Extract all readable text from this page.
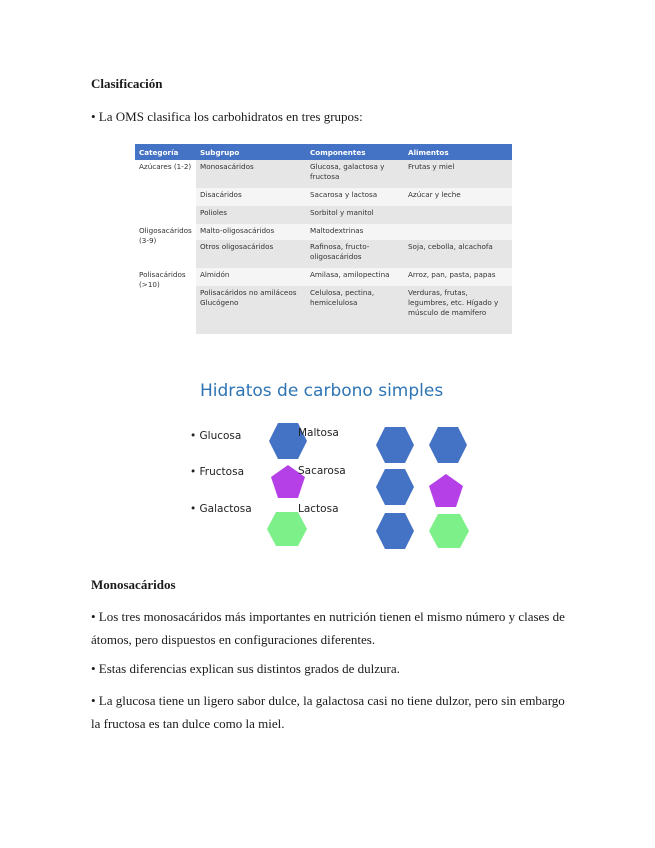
Clasificación
• La OMS clasifica los carbohidratos en tres grupos:
Categoría	Subgrupo	Componentes	Alimentos
Azúcares (1-2)	Monosacáridos	Glucosa, galactosa y fructosa	Frutas y miel
	Disacáridos	Sacarosa y lactosa	Azúcar y leche
	Polioles	Sorbitol y manitol	
Oligosacáridos (3-9)	Malto-oligosacáridos	Maltodextrinas	
	Otros oligosacáridos	Rafinosa, fructo-oligosacáridos	Soja, cebolla, alcachofa
Polisacáridos (>10)	Almidón	Amilasa, amilopectina	Arroz, pan, pasta, papas
	Polisacáridos no amiláceos Glucógeno	Celulosa, pectina, hemicelulosa	Verduras, frutas, legumbres, etc. Hígado y músculo de mamífero
Hidratos de carbono simples
• Glucosa
• Fructosa
• Galactosa
Maltosa
Sacarosa
Lactosa
Monosacáridos
• Los tres monosacáridos más importantes en nutrición tienen el mismo número y clases de átomos, pero dispuestos en configuraciones diferentes.
• Estas diferencias explican sus distintos grados de dulzura.
• La glucosa tiene un ligero sabor dulce, la galactosa casi no tiene dulzor, pero sin embargo la fructosa es tan dulce como la miel.
